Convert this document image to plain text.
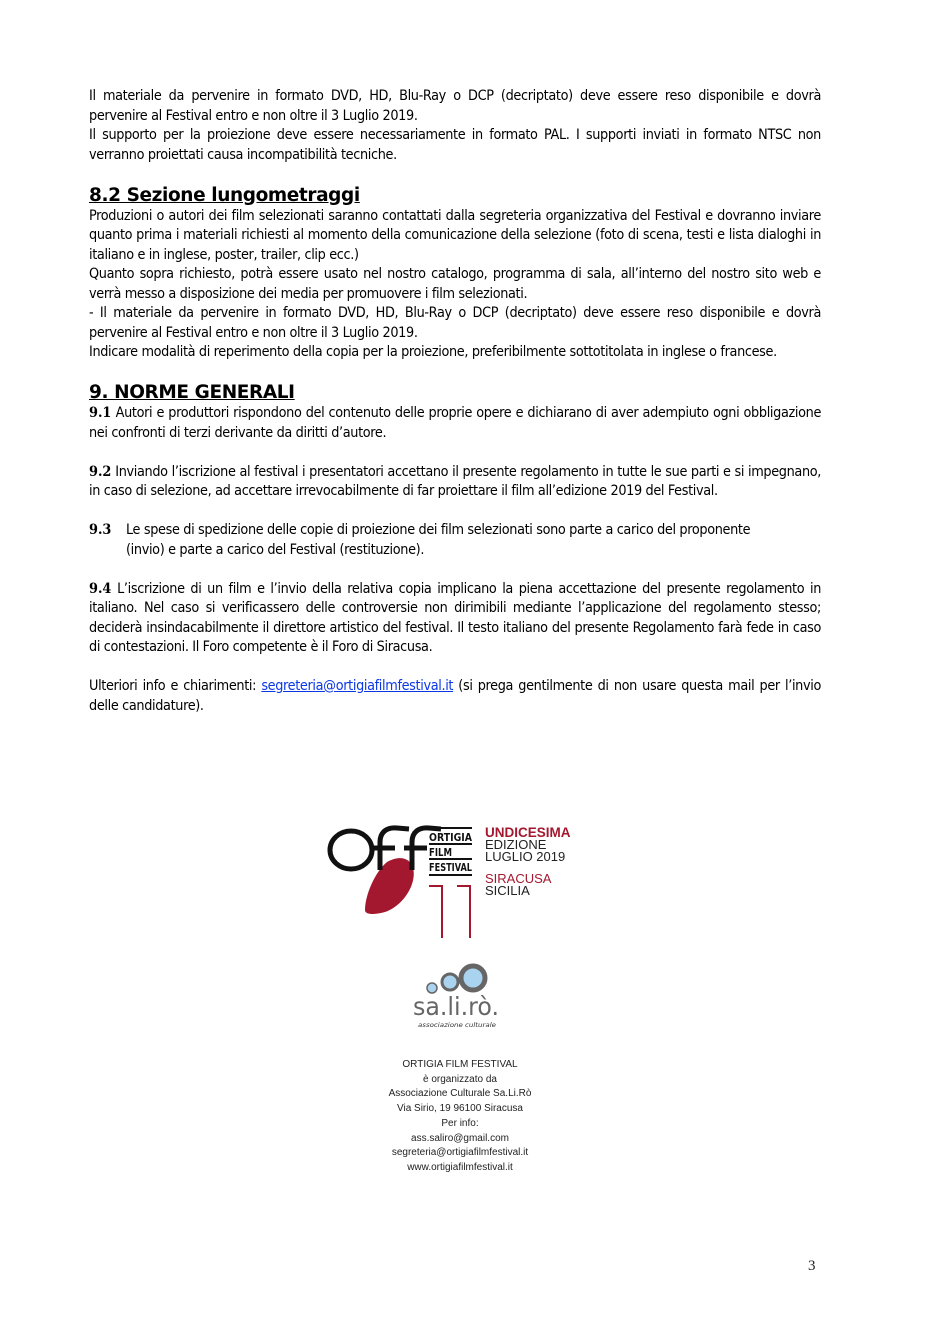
Il materiale da pervenire in formato DVD, HD, Blu-Ray o DCP (decriptato) deve essere reso disponibile e dovrà pervenire al Festival entro e non oltre il 3 Luglio 2019.

Il supporto per la proiezione deve essere necessariamente in formato PAL. I supporti inviati in formato NTSC non verranno proiettati causa incompatibilità tecniche.

8.2 Sezione lungometraggi

Produzioni o autori dei film selezionati saranno contattati dalla segreteria organizzativa del Festival e dovranno inviare quanto prima i materiali richiesti al momento della comunicazione della selezione (foto di scena, testi e lista dialoghi in italiano e in inglese, poster, trailer, clip ecc.)

Quanto sopra richiesto, potrà essere usato nel nostro catalogo, programma di sala, all’interno del nostro sito web e verrà messo a disposizione dei media per promuovere i film selezionati.

- Il materiale da pervenire in formato DVD, HD, Blu-Ray o DCP (decriptato) deve essere reso disponibile e dovrà pervenire al Festival entro e non oltre il 3 Luglio 2019.

Indicare modalità di reperimento della copia per la proiezione, preferibilmente sottotitolata in inglese o francese.

9. NORME GENERALI

9.1 Autori e produttori rispondono del contenuto delle proprie opere e dichiarano di aver adempiuto ogni obbligazione nei confronti di terzi derivante da diritti d’autore.

9.2 Inviando l’iscrizione al festival i presentatori accettano il presente regolamento in tutte le sue parti e si impegnano, in caso di selezione, ad accettare irrevocabilmente di far proiettare il film all’edizione 2019 del Festival.

9.3	Le spese di spedizione delle copie di proiezione dei film selezionati sono parte a carico del proponente (invio) e parte a carico del Festival (restituzione).

9.4 L’iscrizione di un film e l’invio della relativa copia implicano la piena accettazione del presente regolamento in italiano. Nel caso si verificassero delle controversie non dirimibili mediante l’applicazione del regolamento stesso; deciderà insindacabilmente il direttore artistico del festival. Il testo italiano del presente Regolamento farà fede in caso di contestazioni. Il Foro competente è il Foro di Siracusa.

Ulteriori info e chiarimenti: segreteria@ortigiafilmfestival.it (si prega gentilmente di non usare questa mail per l’invio delle candidature).

ORTIGIA
FILM
FESTIVAL
UNDICESIMA
EDIZIONE
LUGLIO 2019
SIRACUSA
SICILIA
sa.li.rò.
associazione culturale
ORTIGIA FILM FESTIVAL
è organizzato da
Associazione Culturale Sa.Li.Rò
Via Sirio, 19 96100 Siracusa
Per info:
ass.saliro@gmail.com
segreteria@ortigiafilmfestival.it
www.ortigiafilmfestival.it
3
